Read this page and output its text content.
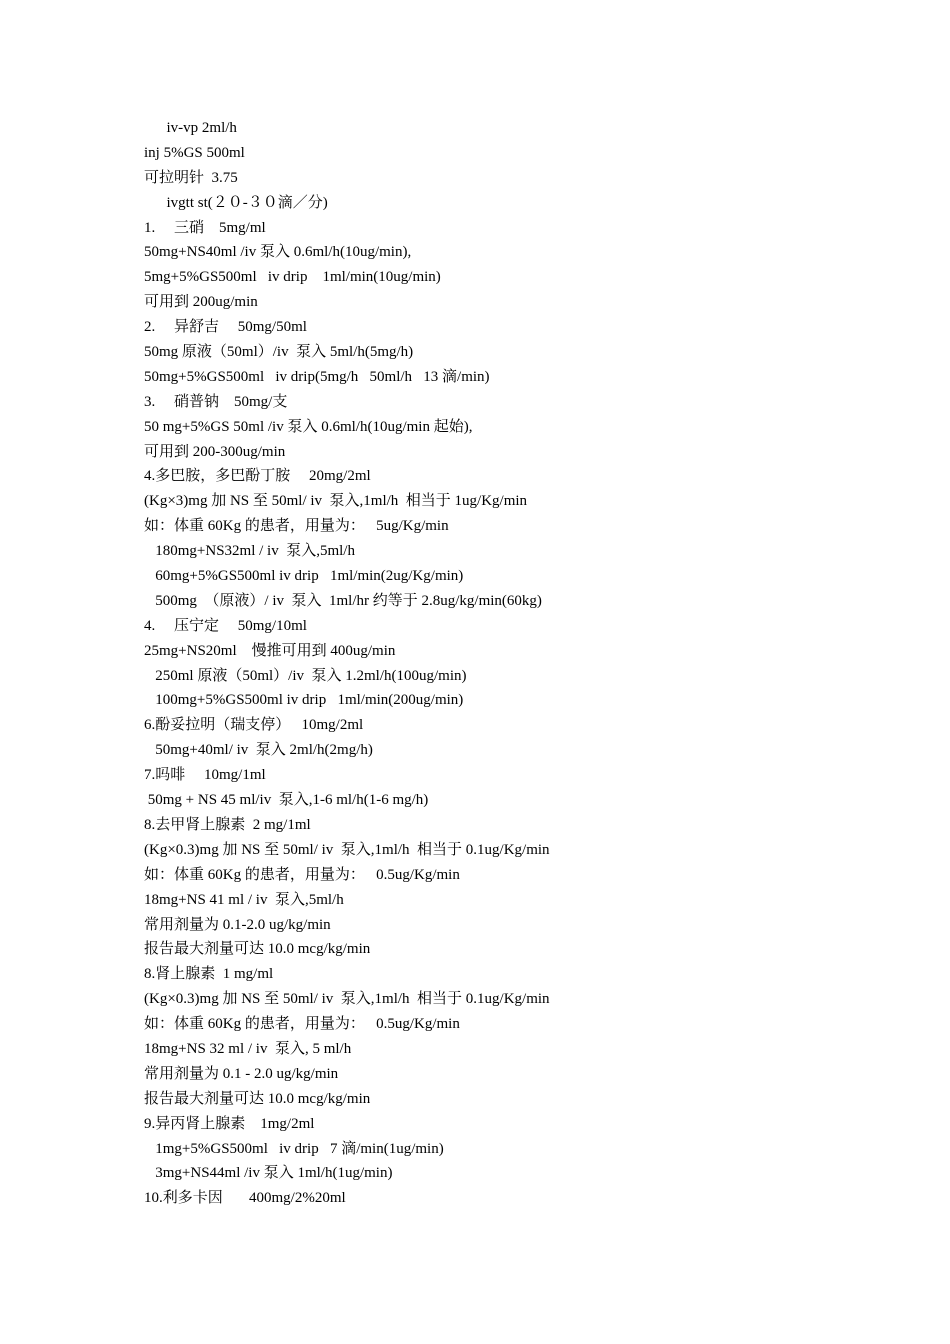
iv-vp 2ml/h
inj 5%GS 500ml
可拉明针  3.75
ivgtt st(２０-３０滴／分)
1.     三硝    5mg/ml
50mg+NS40ml /iv 泵入 0.6ml/h(10ug/min),
5mg+5%GS500ml   iv drip    1ml/min(10ug/min)
可用到 200ug/min
2.     异舒吉     50mg/50ml
50mg 原液（50ml）/iv  泵入 5ml/h(5mg/h)
50mg+5%GS500ml   iv drip(5mg/h   50ml/h   13 滴/min)
3.     硝普钠    50mg/支
50 mg+5%GS 50ml /iv 泵入 0.6ml/h(10ug/min 起始),
可用到 200-300ug/min
4.多巴胺，多巴酚丁胺     20mg/2ml
(Kg×3)mg 加 NS 至 50ml/ iv  泵入,1ml/h  相当于 1ug/Kg/min
如：体重 60Kg 的患者，用量为：   5ug/Kg/min
180mg+NS32ml / iv  泵入,5ml/h
60mg+5%GS500ml iv drip   1ml/min(2ug/Kg/min)
500mg  （原液）/ iv  泵入  1ml/hr 约等于 2.8ug/kg/min(60kg)
4.     压宁定     50mg/10ml
25mg+NS20ml    慢推可用到 400ug/min
250ml 原液（50ml）/iv  泵入 1.2ml/h(100ug/min)
100mg+5%GS500ml iv drip   1ml/min(200ug/min)
6.酚妥拉明（瑞支停）   10mg/2ml
50mg+40ml/ iv  泵入 2ml/h(2mg/h)
7.吗啡     10mg/1ml
50mg + NS 45 ml/iv  泵入,1-6 ml/h(1-6 mg/h)
8.去甲肾上腺素  2 mg/1ml
(Kg×0.3)mg 加 NS 至 50ml/ iv  泵入,1ml/h  相当于 0.1ug/Kg/min
如：体重 60Kg 的患者，用量为：   0.5ug/Kg/min
18mg+NS 41 ml / iv  泵入,5ml/h
常用剂量为 0.1-2.0 ug/kg/min
报告最大剂量可达 10.0 mcg/kg/min
8.肾上腺素  1 mg/ml
(Kg×0.3)mg 加 NS 至 50ml/ iv  泵入,1ml/h  相当于 0.1ug/Kg/min
如：体重 60Kg 的患者，用量为：   0.5ug/Kg/min
18mg+NS 32 ml / iv  泵入, 5 ml/h
常用剂量为 0.1 - 2.0 ug/kg/min
报告最大剂量可达 10.0 mcg/kg/min
9.异丙肾上腺素    1mg/2ml
1mg+5%GS500ml   iv drip   7 滴/min(1ug/min)
3mg+NS44ml /iv 泵入 1ml/h(1ug/min)
10.利多卡因       400mg/2%20ml
